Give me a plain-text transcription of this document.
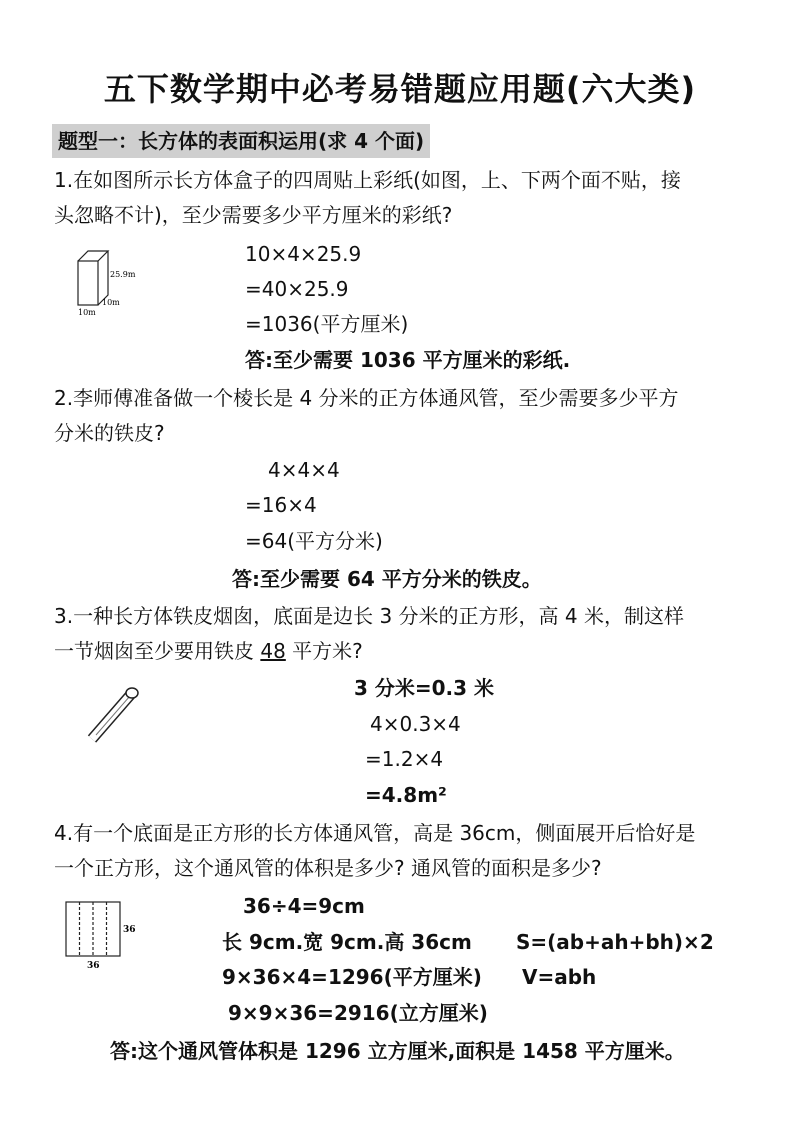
五下数学期中必考易错题应用题(六大类)
题型一：长方体的表面积运用(求 4 个面)
1.在如图所示长方体盒子的四周贴上彩纸(如图，上、下两个面不贴，接
头忽略不计)，至少需要多少平方厘米的彩纸?
25.9m
10m
10m
10×4×25.9
=40×25.9
=1036(平方厘米)
答:至少需要 1036 平方厘米的彩纸.
2.李师傅准备做一个棱长是 4 分米的正方体通风管，至少需要多少平方
分米的铁皮?
4×4×4
=16×4
=64(平方分米)
答:至少需要 64 平方分米的铁皮。
3.一种长方体铁皮烟囱，底面是边长 3 分米的正方形，高 4 米，制这样
一节烟囱至少要用铁皮 48 平方米?
3 分米=0.3 米
4×0.3×4
=1.2×4
=4.8m²
4.有一个底面是正方形的长方体通风管，高是 36cm，侧面展开后恰好是
一个正方形，这个通风管的体积是多少? 通风管的面积是多少?
36
36
36÷4=9cm
长 9cm.宽 9cm.高 36cm S=(ab+ah+bh)×2
9×36×4=1296(平方厘米) V=abh
9×9×36=2916(立方厘米)
答:这个通风管体积是 1296 立方厘米,面积是 1458 平方厘米。
